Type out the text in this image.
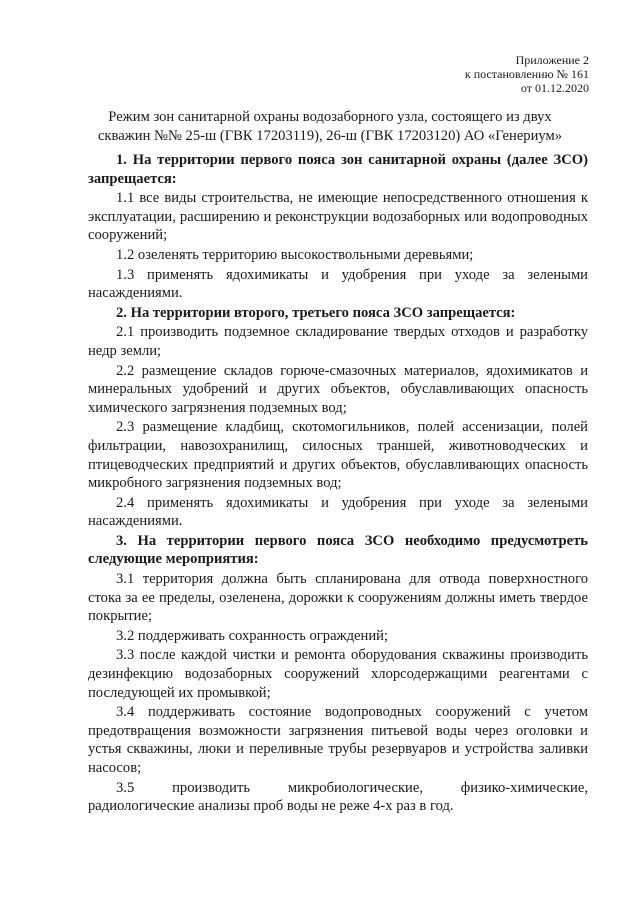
Приложение 2
к постановлению № 161
от 01.12.2020
Режим зон санитарной охраны водозаборного узла, состоящего из двух
скважин №№ 25-ш (ГВК 17203119), 26-ш (ГВК 17203120) АО «Генериум»

1. На территории первого пояса зон санитарной охраны (далее ЗСО) запрещается:

1.1 все виды строительства, не имеющие непосредственного отношения к эксплуатации, расширению и реконструкции водозаборных или водопроводных сооружений;

1.2 озеленять территорию высокоствольными деревьями;

1.3 применять ядохимикаты и удобрения при уходе за зелеными насаждениями.

2. На территории второго, третьего пояса ЗСО запрещается:

2.1 производить подземное складирование твердых отходов и разработку недр земли;

2.2 размещение складов горюче-смазочных материалов, ядохимикатов и минеральных удобрений и других объектов, обуславливающих опасность химического загрязнения подземных вод;

2.3 размещение кладбищ, скотомогильников, полей ассенизации, полей фильтрации, навозохранилищ, силосных траншей, животноводческих и птицеводческих предприятий и других объектов, обуславливающих опасность микробного загрязнения подземных вод;

2.4 применять ядохимикаты и удобрения при уходе за зелеными насаждениями.

3. На территории первого пояса ЗСО необходимо предусмотреть следующие мероприятия:

3.1 территория должна быть спланирована для отвода поверхностного стока за ее пределы, озеленена, дорожки к сооружениям должны иметь твердое покрытие;

3.2 поддерживать сохранность ограждений;

3.3 после каждой чистки и ремонта оборудования скважины производить дезинфекцию водозаборных сооружений хлорсодержащими реагентами с последующей их промывкой;

3.4 поддерживать состояние водопроводных сооружений с учетом предотвращения возможности загрязнения питьевой воды через оголовки и устья скважины, люки и переливные трубы резервуаров и устройства заливки насосов;

3.5 производить микробиологические, физико-химические, радиологические анализы проб воды не реже 4-х раз в год.
